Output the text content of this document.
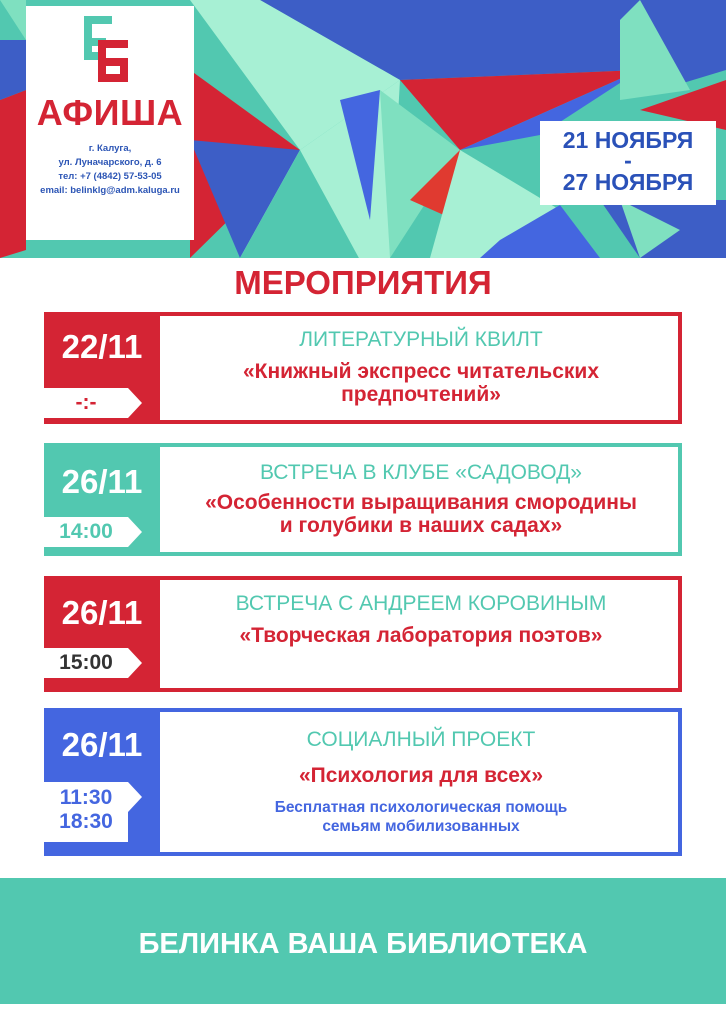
АФИША
г. Калуга,
ул. Луначарского, д. 6
тел: +7 (4842) 57-53-05
email: belinklg@adm.kaluga.ru
21 НОЯБРЯ
-
27 НОЯБРЯ
МЕРОПРИЯТИЯ
22/11
-:-
ЛИТЕРАТУРНЫЙ КВИЛТ
«Книжный экспресс читательских
предпочтений»
26/11
14:00
ВСТРЕЧА В КЛУБЕ «САДОВОД»
«Особенности выращивания смородины
и голубики в наших садах»
26/11
15:00
ВСТРЕЧА С АНДРЕЕМ КОРОВИНЫМ
«Творческая лаборатория поэтов»
26/11
11:30
18:30
СОЦИАЛНЫЙ ПРОЕКТ
«Психология для всех»
Бесплатная психологическая помощь
семьям мобилизованных
БЕЛИНКА ВАША БИБЛИОТЕКА
